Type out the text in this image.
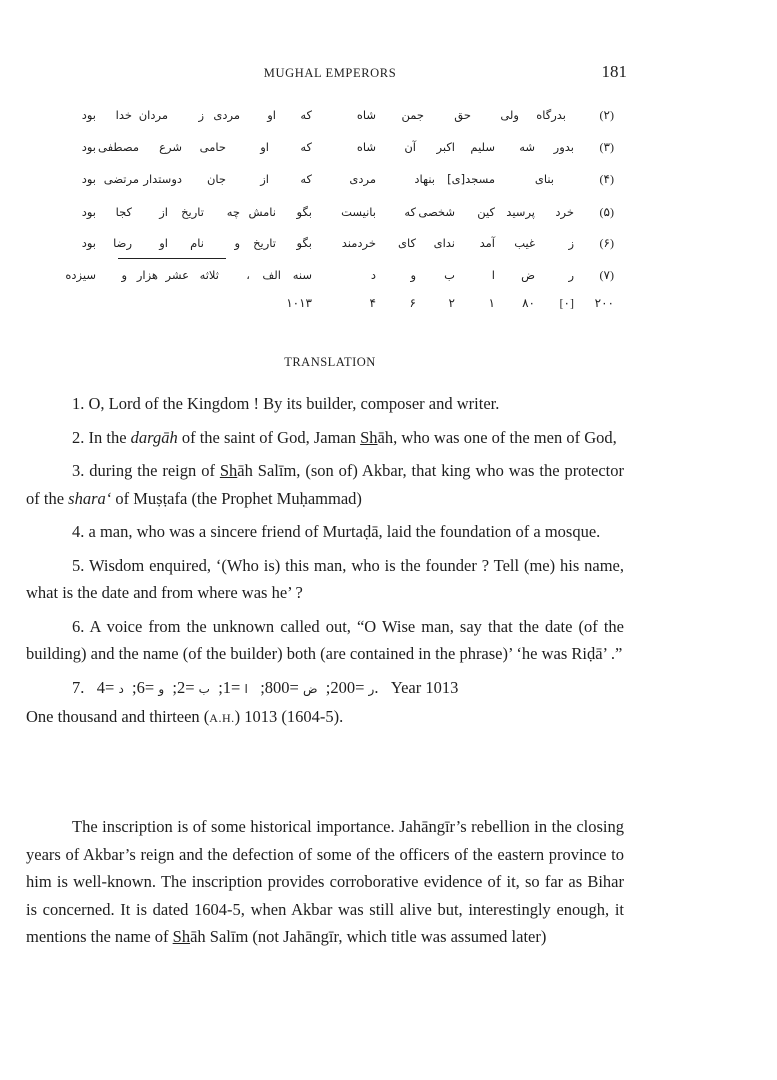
MUGHAL EMPERORS	181
که
او
مردی
ز
مردان
خدا
بود
که
او
حامی
شرع
مصطفی
بود
که
از
جان
دوستدار
مرتضی
بود
بگو
نامش
چه
تاریخ
از
کجا
بود
بگو
تاریخ
و
نام
او
رضا
بود
سنه
الف
،
ثلاثه
عشر
هزار
و
سیزده
۱۰۱۳
(۲)
بدرگاه
ولی
حق
جمن
شاه
(۳)
بدور
شه
سلیم
اکبر
آن
شاه
(۴)
بنای
مسجد[ی]
بنهاد
مردی
(۵)
خرد
پرسید
کین
شخصی
که
بانیست
(۶)
ز
غیب
آمد
ندای
کای
خردمند
(۷)
ر
ض
ا
ب
و
د
۲۰۰
[۰]
۸۰
۱
۲
۶
۴
TRANSLATION

1. O, Lord of the Kingdom ! By its builder, composer and writer.

2. In the dargāh of the saint of God, Jaman Shāh, who was one of the men of God,

3. during the reign of Shāh Salīm, (son of) Akbar, that king who was the protector of the shara‘ of Muṣṭafa (the Prophet Muḥammad)

4. a man, who was a sincere friend of Murtaḍā, laid the foundation of a mosque.

5. Wisdom enquired, ‘(Who is) this man, who is the founder ? Tell (me) his name, what is the date and from where was he’ ?

6. A voice from the unknown called out, “O Wise man, say that the date (of the building) and the name (of the builder) both (are contained in the phrase)’ ‘he was Riḍā’ .”

7.	ر =200;  ض =800;   ا =1;  ب =2;  و =6;  د =4. Year 1013

One thousand and thirteen (A.H.) 1013 (1604-5).

The inscription is of some historical importance. Jahāngīr’s rebellion in the closing years of Akbar’s reign and the defection of some of the officers of the eastern province to him is well-known. The inscription provides corroborative evidence of it, so far as Bihar is concerned. It is dated 1604-5, when Akbar was still alive but, interestingly enough, it mentions the name of Shāh Salīm (not Jahāngīr, which title was assumed later)
